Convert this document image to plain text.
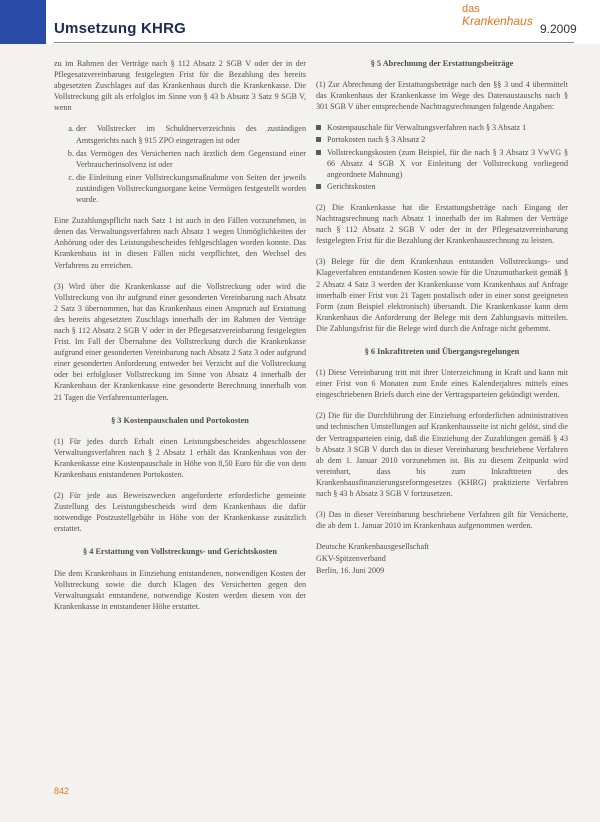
Umsetzung KHRG
das
Krankenhaus
9.2009

zu im Rahmen der Verträge nach § 112 Absatz 2 SGB V oder der in der Pflegesatzvereinbarung festgelegten Frist für die Bezahlung des bereits abgesetzten Zuschlages auf das Krankenhaus durch die Krankenkasse. Die Vollstreckung gilt als erfolglos im Sinne von § 43 b Absatz 3 Satz 9 SGB V, wenn

a. der Vollstrecker im Schuldnerverzeichnis des zuständigen Amtsgerichts nach § 915 ZPO eingetragen ist oder
b. das Vermögen des Versicherten nach ärztlich dem Gegenstand einer Verbraucherinsolvenz ist oder
c. die Einleitung einer Vollstreckungsmaßnahme von Seiten der jeweils zuständigen Vollstreckungsorgane keine Vermögen festgestellt worden wurde.

Eine Zuzahlungspflicht nach Satz 1 ist auch in den Fällen vorzunehmen, in denen das Verwaltungsverfahren nach Absatz 1 wegen Unmöglichkeiten der Anhörung oder des Leistungsbescheides fehlgeschlagen worden konnte. Das Krankenhaus ist in diesen Fällen nicht verpflichtet, den Wechsel des Verfahrens zu erreichen.

(3) Wird über die Krankenkasse auf die Vollstreckung oder wird die Vollstreckung von ihr aufgrund einer gesonderten Vereinbarung nach Absatz 2 Satz 3 übernommen, hat das Krankenhaus einen Anspruch auf Erstattung des bereits abgesetzten Zuschlags innerhalb der im Rahmen der Verträge nach § 112 Absatz 2 SGB V oder in der Pflegesatzvereinbarung festgelegten Frist. Im Fall der Übernahme des Vollstreckung durch die Krankenkasse aufgrund einer gesonderten Vereinbarung nach Absatz 2 Satz 3 oder aufgrund einer gesonderten Anforderung entweder bei Verzicht auf die Vollstreckung oder bei erfolgloser Vollstreckung im Sinne von Absatz 4 innerhalb der Krankenhaus der Krankenkasse eine gesonderte Berechnung innerhalb von 21 Tagen die Verfahrensunterlagen.

§ 3 Kostenpauschalen und Portokosten

(1) Für jedes durch Erhalt einen Leistungsbescheides abgeschlossene Verwaltungsverfahren nach § 2 Absatz 1 erhält das Krankenhaus von der Krankenkasse eine Kostenpauschale in Höhe von 8,50 Euro für die von dem Krankenhaus entstandenen Portokosten.

(2) Für jede aus Beweiszwecken angeforderte erforderliche gemeinte Zustellung des Leistungsbescheids wird dem Krankenhaus die dafür notwendige Postzustellgebühr in Höhe von der Krankenkasse zusätzlich erstattet.

§ 4 Erstattung von Vollstreckungs- und Gerichtskosten

Die dem Krankenhaus in Einziehung entstandenen, notwendigen Kosten der Vollstreckung sowie die durch Klagen des Versicherten gegen den Verwaltungsakt entstandene, notwendige Kosten werden diesem von der Krankenkasse in entstandener Höhe erstattet.

§ 5 Abrechnung der Erstattungsbeiträge

(1) Zur Abrechnung der Erstattungsbeträge nach den §§ 3 und 4 übermittelt das Krankenhaus der Krankenkasse im Wege des Datenaustauschs nach § 301 SGB V über entsprechende Nachtragsrechnungen folgende Angaben:

Kostenpauschale für Verwaltungsverfahren nach § 3 Absatz 1
Portokosten nach § 3 Absatz 2
Vollstreckungskosten (zum Beispiel, für die nach § 3 Absatz 3 VwVG § 66 Absatz 4 SGB X vor Einleitung der Vollstreckung vorliegend angeordnete Mahnung)
Gerichtskosten

(2) Die Krankenkasse hat die Erstattungsbeträge nach Eingang der Nachtragsrechnung nach Absatz 1 innerhalb der im Rahmen der Verträge nach § 112 Absatz 2 SGB V oder der in der Pflegesatzvereinbarung festgelegten Frist für die Bezahlung der Krankenhausrechnung zu leisten.

(3) Belege für die dem Krankenhaus entstanden Vollstreckungs- und Klageverfahren entstandenen Kosten sowie für die Unzumutbarkeit gemäß § 2 Absatz 4 Satz 3 werden der Krankenkasse vom Krankenhaus auf Anfrage innerhalb einer Frist von 21 Tagen postalisch oder in einer sonst geeigneten Form (zum Beispiel elektronisch) übersandt. Die Krankenkasse kann dem Krankenhaus die Anforderung der Belege mit dem Zahlungsavis mitteilen. Die Zahlungsfrist für die Belege wird durch die Anfrage nicht gehemmt.

§ 6 Inkrafttreten und Übergangsregelungen

(1) Diese Vereinbarung tritt mit ihrer Unterzeichnung in Kraft und kann mit einer Frist von 6 Monaten zum Ende eines Kalenderjahres mittels eines eingeschriebenen Briefs durch eine der Vertragsparteien gekündigt werden.

(2) Die für die Durchführung der Einziehung erforderlichen administrativen und technischen Umstellungen auf Krankenhausseite ist nicht gelöst, sind die der Vertragsparteien einig, daß die Einziehung der Zuzahlungen gemäß § 43 b Absatz 3 SGB V durch das in dieser Vereinbarung beschriebene Verfahren ab dem 1. Januar 2010 vorzunehmen ist. Bis zu diesem Zeitpunkt wird vereinbart, dass bis zum Inkrafttreten des Krankenhausfinanzierungsreformgesetzes (KHRG) praktizierte Verfahren nach § 43 b Absatz 3 SGB V fortzusetzen.

(3) Das in dieser Vereinbarung beschriebene Verfahren gilt für Versicherte, die ab dem 1. Januar 2010 im Krankenhaus aufgenommen werden.

Deutsche Krankenhausgesellschaft
GKV-Spitzenverband
Berlin, 16. Juni 2009
842
